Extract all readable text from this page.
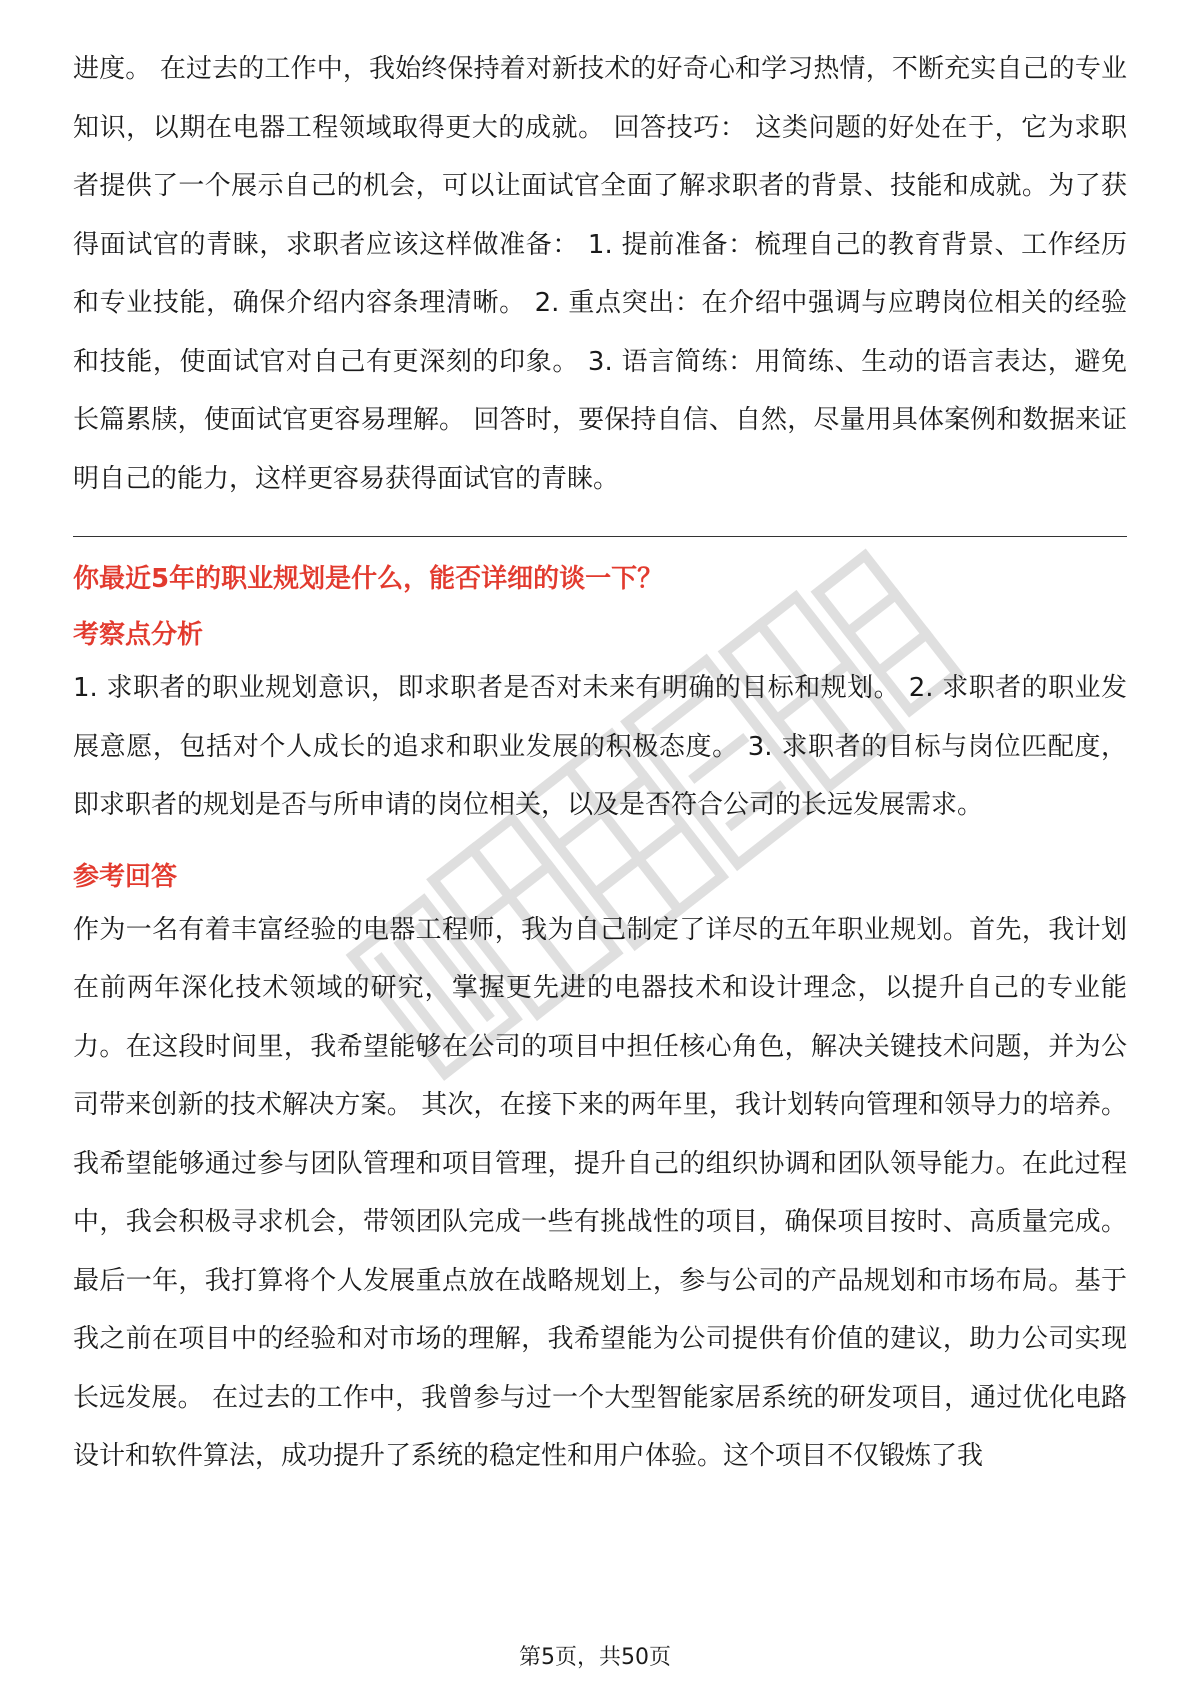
进度。 在过去的工作中，我始终保持着对新技术的好奇心和学习热情，不断充实自己的专业知识，以期在电器工程领域取得更大的成就。 回答技巧： 这类问题的好处在于，它为求职者提供了一个展示自己的机会，可以让面试官全面了解求职者的背景、技能和成就。为了获得面试官的青睐，求职者应该这样做准备： 1. 提前准备：梳理自己的教育背景、工作经历和专业技能，确保介绍内容条理清晰。 2. 重点突出：在介绍中强调与应聘岗位相关的经验和技能，使面试官对自己有更深刻的印象。 3. 语言简练：用简练、生动的语言表达，避免长篇累牍，使面试官更容易理解。 回答时，要保持自信、自然，尽量用具体案例和数据来证明自己的能力，这样更容易获得面试官的青睐。

你最近5年的职业规划是什么，能否详细的谈一下？
考察点分析

1. 求职者的职业规划意识，即求职者是否对未来有明确的目标和规划。 2. 求职者的职业发展意愿，包括对个人成长的追求和职业发展的积极态度。 3. 求职者的目标与岗位匹配度，即求职者的规划是否与所申请的岗位相关，以及是否符合公司的长远发展需求。

参考回答

作为一名有着丰富经验的电器工程师，我为自己制定了详尽的五年职业规划。首先，我计划在前两年深化技术领域的研究，掌握更先进的电器技术和设计理念，以提升自己的专业能力。在这段时间里，我希望能够在公司的项目中担任核心角色，解决关键技术问题，并为公司带来创新的技术解决方案。 其次，在接下来的两年里，我计划转向管理和领导力的培养。我希望能够通过参与团队管理和项目管理，提升自己的组织协调和团队领导能力。在此过程中，我会积极寻求机会，带领团队完成一些有挑战性的项目，确保项目按时、高质量完成。 最后一年，我打算将个人发展重点放在战略规划上，参与公司的产品规划和市场布局。基于我之前在项目中的经验和对市场的理解，我希望能为公司提供有价值的建议，助力公司实现长远发展。 在过去的工作中，我曾参与过一个大型智能家居系统的研发项目，通过优化电路设计和软件算法，成功提升了系统的稳定性和用户体验。这个项目不仅锻炼了我

第5页，共50页
